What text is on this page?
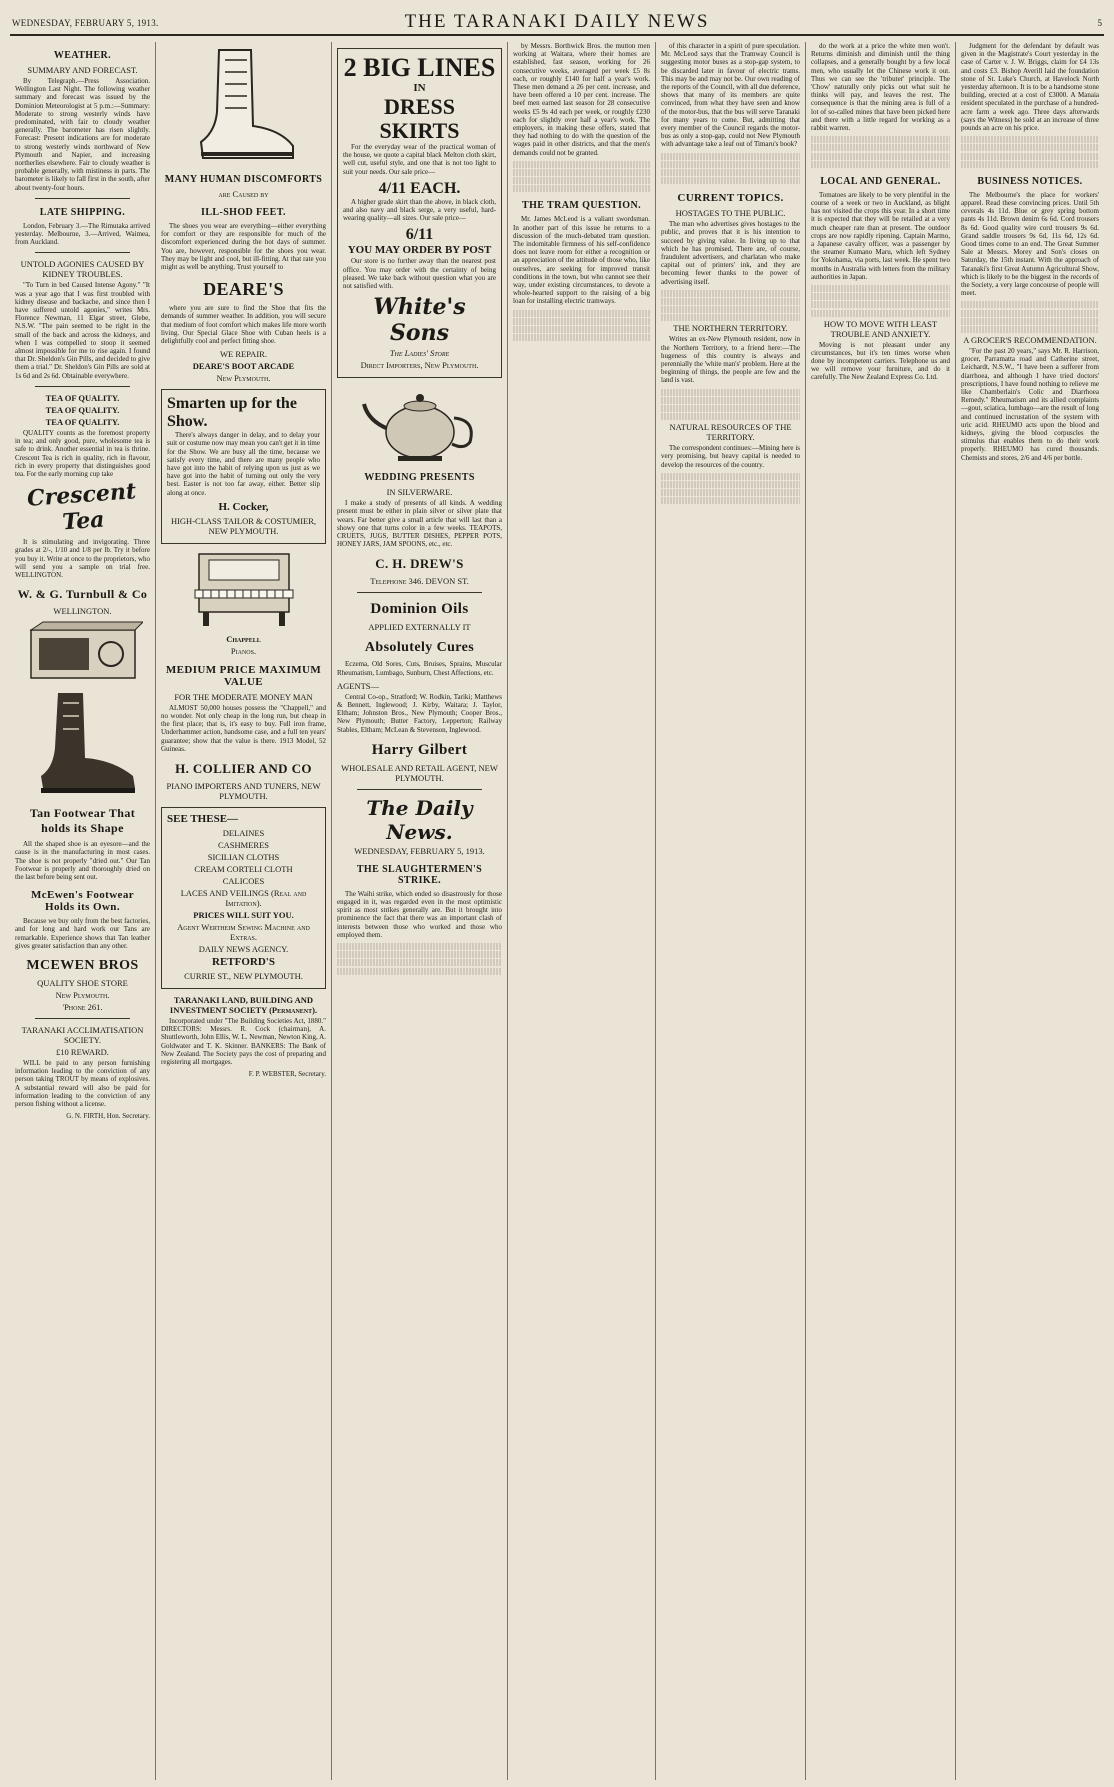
WEDNESDAY, FEBRUARY 5, 1913.	THE TARANAKI DAILY NEWS	5
WEATHER.
SUMMARY AND FORECAST.

By Telegraph.—Press Association. Wellington Last Night. The following weather summary and forecast was issued by the Dominion Meteorologist at 5 p.m.:—Summary: Moderate to strong westerly winds have predominated, with fair to cloudy weather generally. The barometer has risen slightly. Forecast: Present indications are for moderate to strong westerly winds northward of New Plymouth and Napier, and increasing northerlies elsewhere. Fair to cloudy weather is probable generally, with mistiness in parts. The barometer is likely to fall first in the south, after about twenty-four hours.

LATE SHIPPING.

London, February 3.—The Rimutaka arrived yesterday. Melbourne, 3.—Arrived, Waimea, from Auckland.

UNTOLD AGONIES CAUSED BY KIDNEY TROUBLES.

"To Turn in bed Caused Intense Agony." "It was a year ago that I was first troubled with kidney disease and backache, and since then I have suffered untold agonies," writes Mrs. Florence Newman, 11 Elgar street, Glebe, N.S.W. "The pain seemed to be right in the small of the back and across the kidneys, and when I was compelled to stoop it seemed almost impossible for me to rise again. I found that Dr. Sheldon's Gin Pills, and decided to give them a trial." Dr. Sheldon's Gin Pills are sold at 1s 6d and 2s 6d. Obtainable everywhere.

TEA OF QUALITY.
TEA OF QUALITY.
TEA OF QUALITY.

QUALITY counts as the foremost property in tea; and only good, pure, wholesome tea is safe to drink. Another essential in tea is thrine. Crescent Tea is rich in quality, rich in flavour, rich in every property that distinguishes good tea. For the early morning cup take

Crescent Tea

It is stimulating and invigorating. Three grades at 2/-, 1/10 and 1/8 per lb. Try it before you buy it. Write at once to the proprietors, who will send you a sample on trial free. WELLINGTON.

W. & G. Turnbull & Co
WELLINGTON.
Tan Footwear That holds its Shape

All the shaped shoe is an eyesore—and the cause is in the manufacturing in most cases. The shoe is not properly "dried out." Our Tan Footwear is properly and thoroughly dried on the last before being sent out.

McEwen's Footwear Holds its Own.

Because we buy only from the best factories, and for long and hard work our Tans are remarkable. Experience shows that Tan leather gives greater satisfaction than any other.

MCEWEN BROS
QUALITY SHOE STORE
New Plymouth.
'Phone 261.
TARANAKI ACCLIMATISATION SOCIETY.
£10 REWARD.

WILL be paid to any person furnishing information leading to the conviction of any person taking TROUT by means of explosives. A substantial reward will also be paid for information leading to the conviction of any person fishing without a license.

G. N. FIRTH, Hon. Secretary.

MANY HUMAN DISCOMFORTS
are Caused by
ILL-SHOD FEET.

The shoes you wear are everything—either everything for comfort or they are responsible for much of the discomfort experienced during the hot days of summer. You are, however, responsible for the shoes you wear. They may be light and cool, but ill-fitting. At that rate you might as well be anything. Trust yourself to

DEARE'S

where you are sure to find the Shoe that fits the demands of summer weather. In addition, you will secure that medium of foot comfort which makes life more worth living. Our Special Glace Shoe with Cuban heels is a delightfully cool and perfect fitting shoe.

WE REPAIR.
DEARE'S BOOT ARCADE
New Plymouth.
Smarten up for the Show.

There's always danger in delay, and to delay your suit or costume now may mean you can't get it in time for the Show. We are busy all the time, because we satisfy every time, and there are many people who have got into the habit of relying upon us just as we have got into the habit of turning out only the very best. Easter is not too far away, either. Better slip along at once.

H. Cocker,
HIGH-CLASS TAILOR & COSTUMIER, NEW PLYMOUTH.
Chappell
Pianos.
MEDIUM PRICE MAXIMUM VALUE
FOR THE MODERATE MONEY MAN

ALMOST 50,000 houses possess the "Chappell," and no wonder. Not only cheap in the long run, but cheap in the first place; that is, it's easy to buy. Full iron frame, Underhammer action, handsome case, and a full ten years' guarantee; show that the value is there. 1913 Model, 52 Guineas.

H. COLLIER AND CO
PIANO IMPORTERS AND TUNERS, NEW PLYMOUTH.
SEE THESE—
DELAINES
CASHMERES
SICILIAN CLOTHS
CREAM CORTELI CLOTH
CALICOES
LACES AND VEILINGS (Real and Imitation).
PRICES WILL SUIT YOU.
Agent Wertheim Sewing Machine and Extras.
DAILY NEWS AGENCY.
RETFORD'S
CURRIE ST., NEW PLYMOUTH.
TARANAKI LAND, BUILDING AND INVESTMENT SOCIETY (Permanent).

Incorporated under "The Building Societies Act, 1880." DIRECTORS: Messrs. R. Cock (chairman), A. Shuttleworth, John Ellis, W. L. Newman, Newton King, A. Goldwater and T. K. Skinner. BANKERS: The Bank of New Zealand. The Society pays the cost of preparing and registering all mortgages.

F. P. WEBSTER, Secretary.

2 BIG LINES
IN
DRESS SKIRTS

For the everyday wear of the practical woman of the house, we quote a capital black Melton cloth skirt, well cut, useful style, and one that is not too light to suit your needs. Our sale price—

4/11 EACH.

A higher grade skirt than the above, in black cloth, and also navy and black serge, a very useful, hard-wearing quality—all sizes. Our sale price—

6/11
YOU MAY ORDER BY POST

Our store is no further away than the nearest post office. You may order with the certainty of being pleased. We take back without question what you are not satisfied with.

White's Sons
The Ladies' Store
Direct Importers, New Plymouth.
WEDDING PRESENTS
IN SILVERWARE.

I make a study of presents of all kinds. A wedding present must be either in plain silver or silver plate that wears. Far better give a small article that will last than a showy one that turns color in a few weeks. TEAPOTS, CRUETS, JUGS, BUTTER DISHES, PEPPER POTS, HONEY JARS, JAM SPOONS, etc., etc.

C. H. DREW'S
Telephone 346. DEVON ST.
Dominion Oils
APPLIED EXTERNALLY IT
Absolutely Cures

Eczema, Old Sores, Cuts, Bruises, Sprains, Muscular Rheumatism, Lumbago, Sunburn, Chest Affections, etc.

AGENTS—

Central Co-op., Stratford; W. Rodkin, Tariki; Matthews & Bennett, Inglewood; J. Kirby, Waitara; J. Taylor, Eltham; Johnston Bros., New Plymouth; Cooper Bros., New Plymouth; Butter Factory, Lepperton; Railway Stables, Eltham; McLean & Stevenson, Inglewood.

Harry Gilbert
WHOLESALE AND RETAIL AGENT, NEW PLYMOUTH.
The Daily News.
WEDNESDAY, FEBRUARY 5, 1913.
THE SLAUGHTERMEN'S STRIKE.

The Waihi strike, which ended so disastrously for those engaged in it, was regarded even in the most optimistic spirit as most strikes generally are. But it brought into prominence the fact that there was an important clash of interests between those who worked and those who employed them.

by Messrs. Borthwick Bros. the mutton men working at Waitara, where their homes are established, fast season, working for 26 consecutive weeks, averaged per week £5 8s each, or roughly £140 for half a year's work. These men demand a 26 per cent. increase, and have been offered a 10 per cent. increase. The beef men earned last season for 28 consecutive weeks £5 9s 4d each per week, or roughly £230 each for slightly over half a year's work. The employers, in making these offers, stated that they had nothing to do with the question of the wages paid in other districts, and that the men's demands could not be granted.

THE TRAM QUESTION.

Mr. James McLeod is a valiant swordsman. In another part of this issue he returns to a discussion of the much-debated tram question. The indomitable firmness of his self-confidence does not leave room for either a recognition or an appreciation of the attitude of those who, like ourselves, are seeking for improved transit conditions in the town, but who cannot see their way, under existing circumstances, to devote a whole-hearted support to the raising of a big loan for installing electric tramways.

of this character in a spirit of pure speculation. Mr. McLeod says that the Tramway Council is suggesting motor buses as a stop-gap system, to be discarded later in favour of electric trams. This may be and may not be. Our own reading of the reports of the Council, with all due deference, shows that many of its members are quite convinced, from what they have seen and know of the motor-bus, that the bus will serve Taranaki for many years to come. But, admitting that every member of the Council regards the motor-bus as only a stop-gap, could not New Plymouth with advantage take a leaf out of Timaru's book?

CURRENT TOPICS.
HOSTAGES TO THE PUBLIC.

The man who advertises gives hostages to the public, and proves that it is his intention to succeed by giving value. In living up to that which he has promised, There are, of course, fraudulent advertisers, and charlatan who make capital out of printers' ink, and they are becoming fewer thanks to the power of advertising itself.

THE NORTHERN TERRITORY.

Writes an ex-New Plymouth resident, now in the Northern Territory, to a friend here:—The hugeness of this country is always and perennially the 'white man's' problem. Here at the beginning of things, the people are few and the land is vast.

NATURAL RESOURCES OF THE TERRITORY.

The correspondent continues:—Mining here is very promising, but heavy capital is needed to develop the resources of the country.

do the work at a price the white men won't. Returns diminish and diminish until the thing collapses, and a generally bought by a few local men, who usually let the Chinese work it out. Thus we can see the 'tributer' principle. The 'Chow' naturally only picks out what suit he thinks will pay, and leaves the rest. The consequence is that the mining area is full of a lot of so-called mines that have been picked here and there with a little regard for working as a rabbit warren.

LOCAL AND GENERAL.

Tomatoes are likely to be very plentiful in the course of a week or two in Auckland, as blight has not visited the crops this year. In a short time it is expected that they will be retailed at a very much cheaper rate than at present. The outdoor crops are now rapidly ripening. Captain Marmo, a Japanese cavalry officer, was a passenger by the steamer Kumano Maru, which left Sydney for Yokohama, via ports, last week. He spent two months in Australia with letters from the military authorities in Japan.

HOW TO MOVE WITH LEAST TROUBLE AND ANXIETY.

Moving is not pleasant under any circumstances, but it's ten times worse when done by incompetent carriers. Telephone us and we will remove your furniture, and do it carefully. The New Zealand Express Co. Ltd.

Judgment for the defendant by default was given in the Magistrate's Court yesterday in the case of Carter v. J. W. Briggs, claim for £4 13s and costs £3. Bishop Averill laid the foundation stone of St. Luke's Church, at Havelock North yesterday afternoon. It is to be a handsome stone building, erected at a cost of £3000. A Manaia resident speculated in the purchase of a hundred-acre farm a week ago. Three days afterwards (says the Witness) he sold at an increase of three pounds an acre on his price.

BUSINESS NOTICES.

The Melbourne's the place for workers' apparel. Read these convincing prices. Until 5th ceverals 4s 11d. Blue or grey spring bottom pants 4s 11d. Brown denim 6s 6d. Cord trousers 8s 6d. Good quality wire cord trousers 9s 6d. Grand saddle trousers 9s 6d, 11s 6d, 12s 6d. Good times come to an end. The Great Summer Sale at Messrs. Morey and Son's closes on Saturday, the 15th instant. With the approach of Taranaki's first Great Autumn Agricultural Show, which is likely to be the biggest in the records of the Society, a very large concourse of people will meet.

A GROCER'S RECOMMENDATION.

"For the past 20 years," says Mr. R. Harrison, grocer, Parramatta road and Catherine street, Leichardt, N.S.W., "I have been a sufferer from diarrhoea, and although I have tried doctors' prescriptions, I have found nothing to relieve me like Chamberlain's Colic and Diarrhoea Remedy." Rheumatism and its allied complaints—gout, sciatica, lumbago—are the result of long and continued incrustation of the system with uric acid. RHEUMO acts upon the blood and kidneys, giving the blood corpuscles the stimulus that enables them to do their work properly. RHEUMO has cured thousands. Chemists and stores, 2/6 and 4/6 per bottle.
